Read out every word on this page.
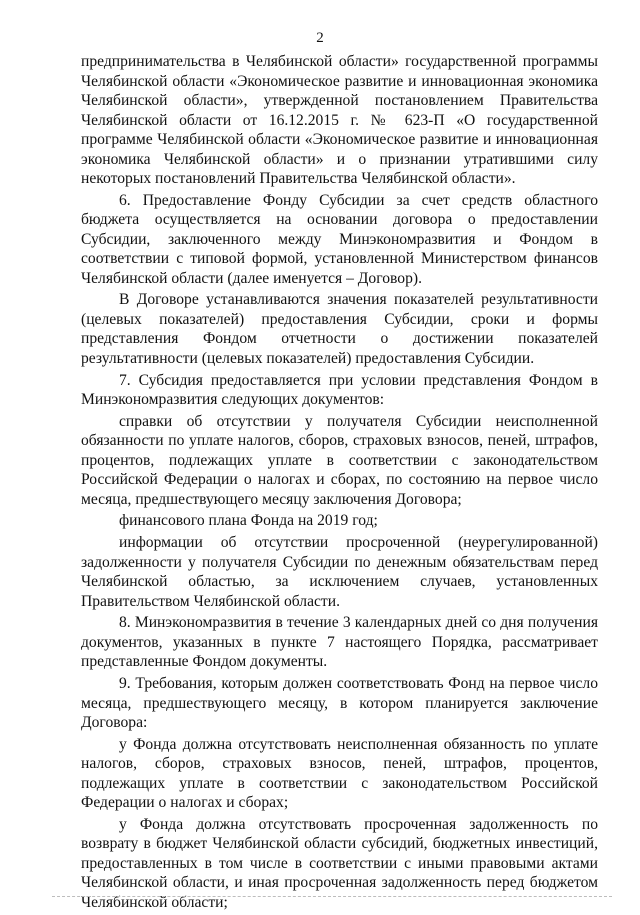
2

предпринимательства в Челябинской области» государственной программы Челябинской области «Экономическое развитие и инновационная экономика Челябинской области», утвержденной постановлением Правительства Челябинской области от 16.12.2015 г. № 623-П «О государственной программе Челябинской области «Экономическое развитие и инновационная экономика Челябинской области» и о признании утратившими силу некоторых постановлений Правительства Челябинской области».

6. Предоставление Фонду Субсидии за счет средств областного бюджета осуществляется на основании договора о предоставлении Субсидии, заключенного между Минэкономразвития и Фондом в соответствии с типовой формой, установленной Министерством финансов Челябинской области (далее именуется – Договор).

В Договоре устанавливаются значения показателей результативности (целевых показателей) предоставления Субсидии, сроки и формы представления Фондом отчетности о достижении показателей результативности (целевых показателей) предоставления Субсидии.

7. Субсидия предоставляется при условии представления Фондом в Минэкономразвития следующих документов:

справки об отсутствии у получателя Субсидии неисполненной обязанности по уплате налогов, сборов, страховых взносов, пеней, штрафов, процентов, подлежащих уплате в соответствии с законодательством Российской Федерации о налогах и сборах, по состоянию на первое число месяца, предшествующего месяцу заключения Договора;

финансового плана Фонда на 2019 год;

информации об отсутствии просроченной (неурегулированной) задолженности у получателя Субсидии по денежным обязательствам перед Челябинской областью, за исключением случаев, установленных Правительством Челябинской области.

8. Минэкономразвития в течение 3 календарных дней со дня получения документов, указанных в пункте 7 настоящего Порядка, рассматривает представленные Фондом документы.

9. Требования, которым должен соответствовать Фонд на первое число месяца, предшествующего месяцу, в котором планируется заключение Договора:

у Фонда должна отсутствовать неисполненная обязанность по уплате налогов, сборов, страховых взносов, пеней, штрафов, процентов, подлежащих уплате в соответствии с законодательством Российской Федерации о налогах и сборах;

у Фонда должна отсутствовать просроченная задолженность по возврату в бюджет Челябинской области субсидий, бюджетных инвестиций, предоставленных в том числе в соответствии с иными правовыми актами Челябинской области, и иная просроченная задолженность перед бюджетом Челябинской области;
